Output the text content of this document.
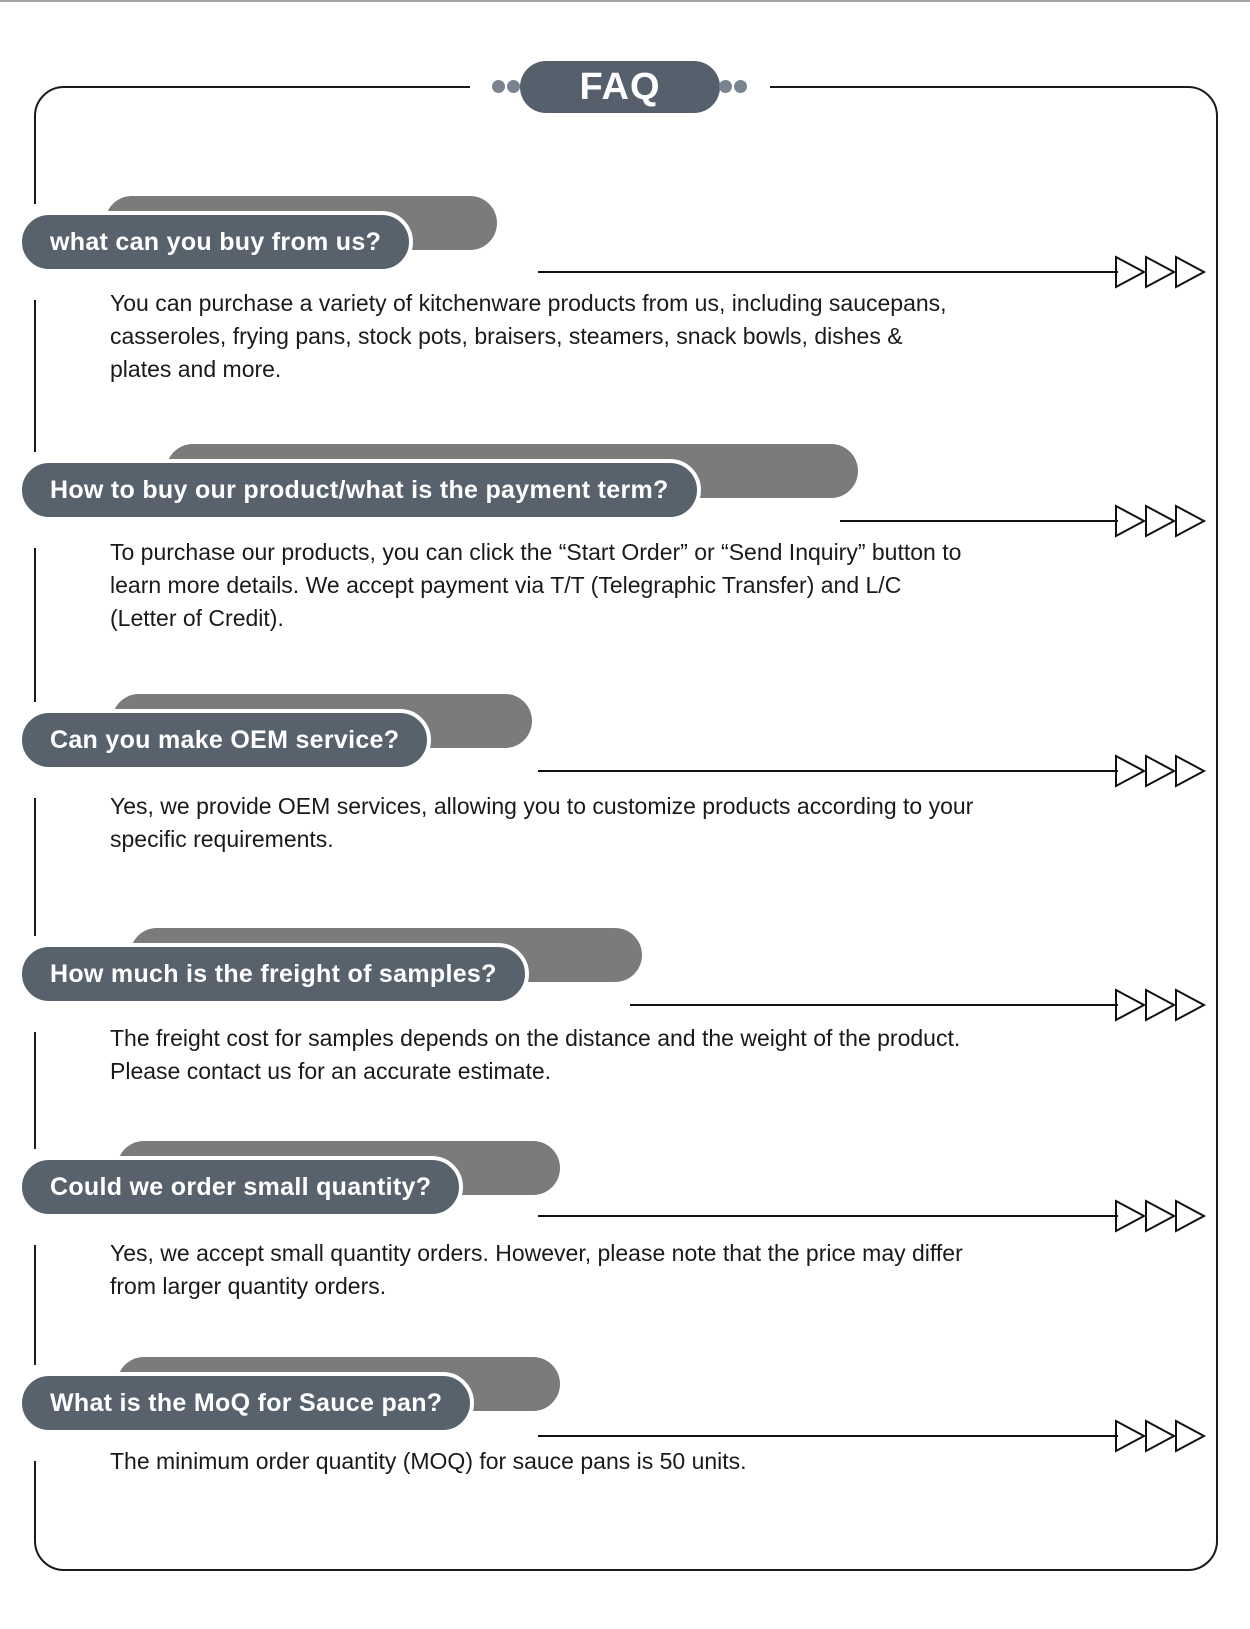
FAQ
what can you buy from us?
You can purchase a variety of kitchenware products from us, including saucepans,
casseroles, frying pans, stock pots, braisers, steamers, snack bowls, dishes &
plates and more.
How to buy our product/what is the payment term?
To purchase our products, you can click the “Start Order” or “Send Inquiry” button to
learn more details. We accept payment via T/T (Telegraphic Transfer) and L/C
(Letter of Credit).
Can you make OEM service?
Yes, we provide OEM services, allowing you to customize products according to your
specific requirements.
How much is the freight of samples?
The freight cost for samples depends on the distance and the weight of the product.
Please contact us for an accurate estimate.
Could we order small quantity?
Yes, we accept small quantity orders. However, please note that the price may differ
from larger quantity orders.
What is the MoQ for Sauce pan?
The minimum order quantity (MOQ) for sauce pans is 50 units.
